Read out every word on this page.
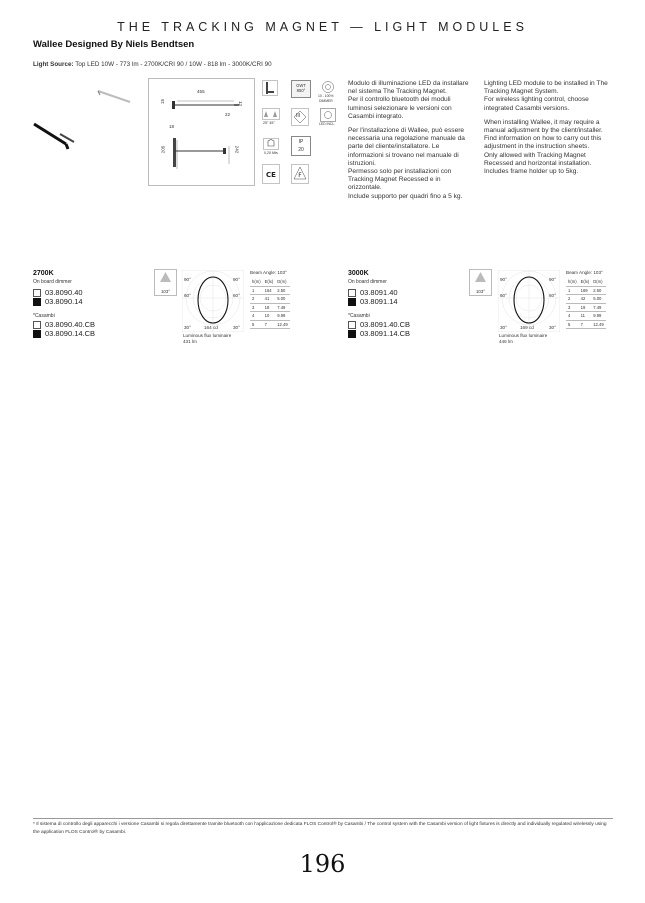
THE TRACKING MAGNET — LIGHT MODULES
Wallee Designed By Niels Bendtsen
Light Source: Top LED 10W - 773 lm - 2700K/CRI 90 / 10W - 818 lm - 3000K/CRI 90
455
15	12
22
18
205	242
25° 45°
0,20 Mts
CE
GWT 850°
III
IP
20
F
10 - 100%
DIMMER
LED INCL.
Modulo di illuminazione LED da installare nel sistema The Tracking Magnet.

Per il controllo bluetooth dei moduli luminosi selezionare le versioni con Casambi integrato.

Per l'installazione di Wallee, può essere necessaria una regolazione manuale da parte del cliente/installatore. Le informazioni si trovano nel manuale di istruzioni.
Permesso solo per installazioni con Tracking Magnet Recessed e in orizzontale.
Include supporto per quadri fino a 5 kg.
Lighting LED module to be installed in The Tracking Magnet System.

For wireless lighting control, choose integrated Casambi versions.

When installing Wallee, it may require a manual adjustment by the client/installer. Find information on how to carry out this adjustment in the instruction sheets.
Only allowed with Tracking Magnet Recessed and horizontal installation.
Includes frame holder up to 5kg.
2700K
On board dimmer
03.8090.40
03.8090.14
*Casambi
03.8090.40.CB
03.8090.14.CB
103°
90°	90°
60°	60°
30°	30°
164 cd
Luminous flux luminaire
431 lm
Beam Angle: 103°
h(m)	E(lx)	D(m)
1	164	2.50
2	41	5.00
3	18	7.49
4	10	9.99
5	7	12.49
3000K
On board dimmer
03.8091.40
03.8091.14
*Casambi
03.8091.40.CB
03.8091.14.CB
103°
90°	90°
60°	60°
30°	30°
169 cd
Luminous flux luminaire
446 lm
Beam Angle: 103°
h(m)	E(lx)	D(m)
1	169	2.50
2	42	5.00
3	19	7.49
4	11	9.99
5	7	12.49
* Il sistema di controllo degli apparecchi i versione Casambi si regola direttamente tramite bluetooth con l'applicazione dedicata FLOS Control® by Casambi / The control system with the Casambi version of light fixtures is directly and individually regulated wirelessly using the application FLOS Control® by Casambi.
196
